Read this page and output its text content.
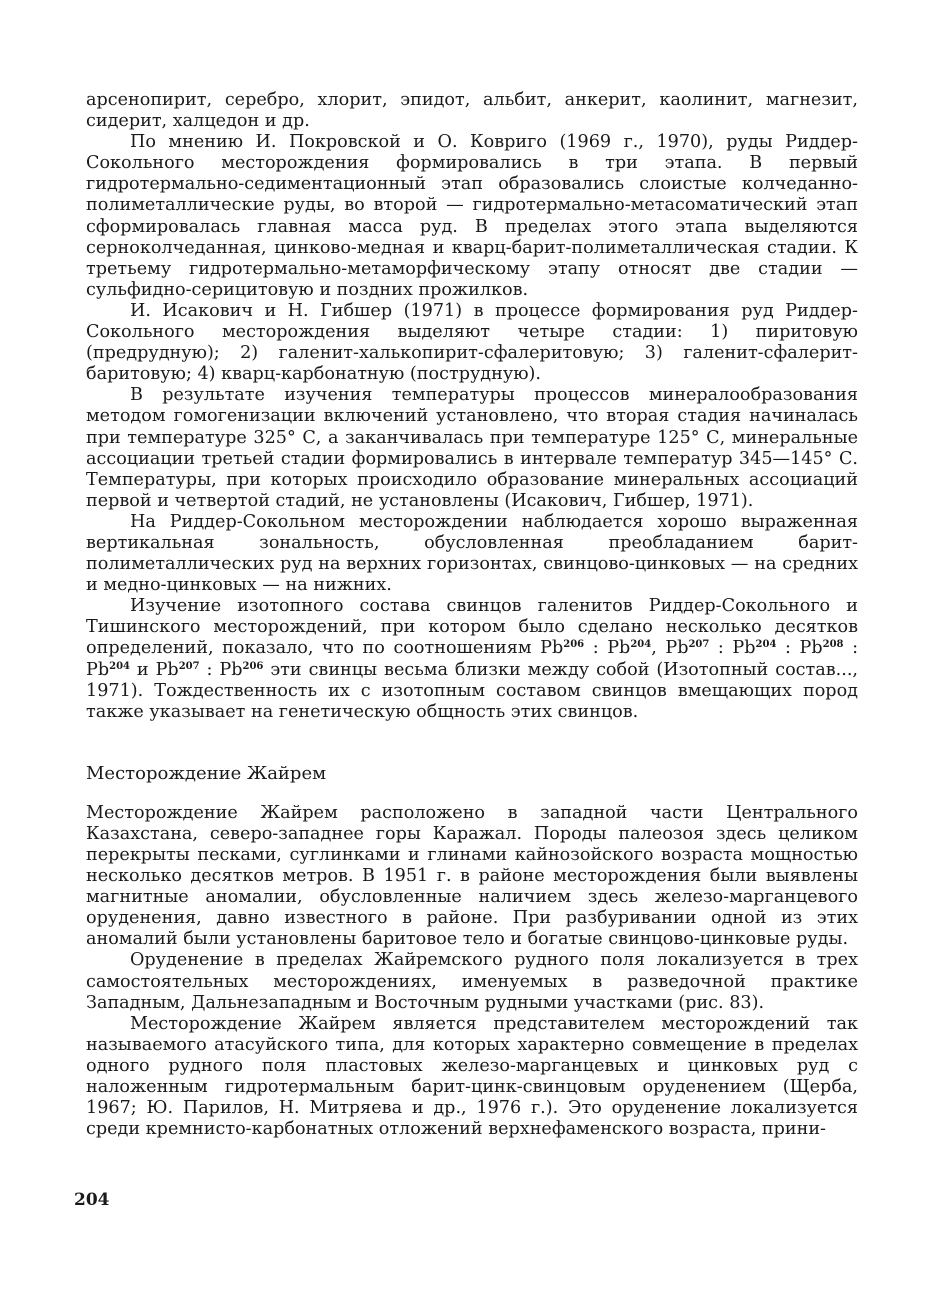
арсенопирит, серебро, хлорит, эпидот, альбит, анкерит, каолинит, магнезит, сидерит, халцедон и др.

По мнению И. Покровской и О. Ковриго (1969 г., 1970), руды Риддер-Сокольного месторождения формировались в три этапа. В первый гидротермально-седиментационный этап образовались слоистые колчеданно-полиметаллические руды, во второй — гидротермально-метасоматический этап сформировалась главная масса руд. В пределах этого этапа выделяются серноколчеданная, цинково-медная и кварц-барит-полиметаллическая стадии. К третьему гидротермально-метаморфическому этапу относят две стадии — сульфидно-серицитовую и поздних прожилков.

И. Исакович и Н. Гибшер (1971) в процессе формирования руд Риддер-Сокольного месторождения выделяют четыре стадии: 1) пиритовую (предрудную); 2) галенит-халькопирит-сфалеритовую; 3) галенит-сфалерит-баритовую; 4) кварц-карбонатную (пострудную).

В результате изучения температуры процессов минералообразования методом гомогенизации включений установлено, что вторая стадия начиналась при температуре 325° С, а заканчивалась при температуре 125° С, минеральные ассоциации третьей стадии формировались в интервале температур 345—145° С. Температуры, при которых происходило образование минеральных ассоциаций первой и четвертой стадий, не установлены (Исакович, Гибшер, 1971).

На Риддер-Сокольном месторождении наблюдается хорошо выраженная вертикальная зональность, обусловленная преобладанием барит-полиметаллических руд на верхних горизонтах, свинцово-цинковых — на средних и медно-цинковых — на нижних.

Изучение изотопного состава свинцов галенитов Риддер-Сокольного и Тишинского месторождений, при котором было сделано несколько десятков определений, показало, что по соотношениям Pb$^{206}$ : Pb$^{204}$, Pb$^{207}$ : Pb$^{204}$ : Pb$^{208}$ : Pb$^{204}$ и Pb$^{207}$ : Pb$^{206}$ эти свинцы весьма близки между собой (Изотопный состав..., 1971). Тождественность их с изотопным составом свинцов вмещающих пород также указывает на генетическую общность этих свинцов.

Месторождение Жайрем

Месторождение Жайрем расположено в западной части Центрального Казахстана, северо-западнее горы Каражал. Породы палеозоя здесь целиком перекрыты песками, суглинками и глинами кайнозойского возраста мощностью несколько десятков метров. В 1951 г. в районе месторождения были выявлены магнитные аномалии, обусловленные наличием здесь железо-марганцевого оруденения, давно известного в районе. При разбуривании одной из этих аномалий были установлены баритовое тело и богатые свинцово-цинковые руды.

Оруденение в пределах Жайремского рудного поля локализуется в трех самостоятельных месторождениях, именуемых в разведочной практике Западным, Дальнезападным и Восточным рудными участками (рис. 83).

Месторождение Жайрем является представителем месторождений так называемого атасуйского типа, для которых характерно совмещение в пределах одного рудного поля пластовых железо-марганцевых и цинковых руд с наложенным гидротермальным барит-цинк-свинцовым оруденением (Щерба, 1967; Ю. Парилов, Н. Митряева и др., 1976 г.). Это оруденение локализуется среди кремнисто-карбонатных отложений верхнефаменского возраста, прини-

204
